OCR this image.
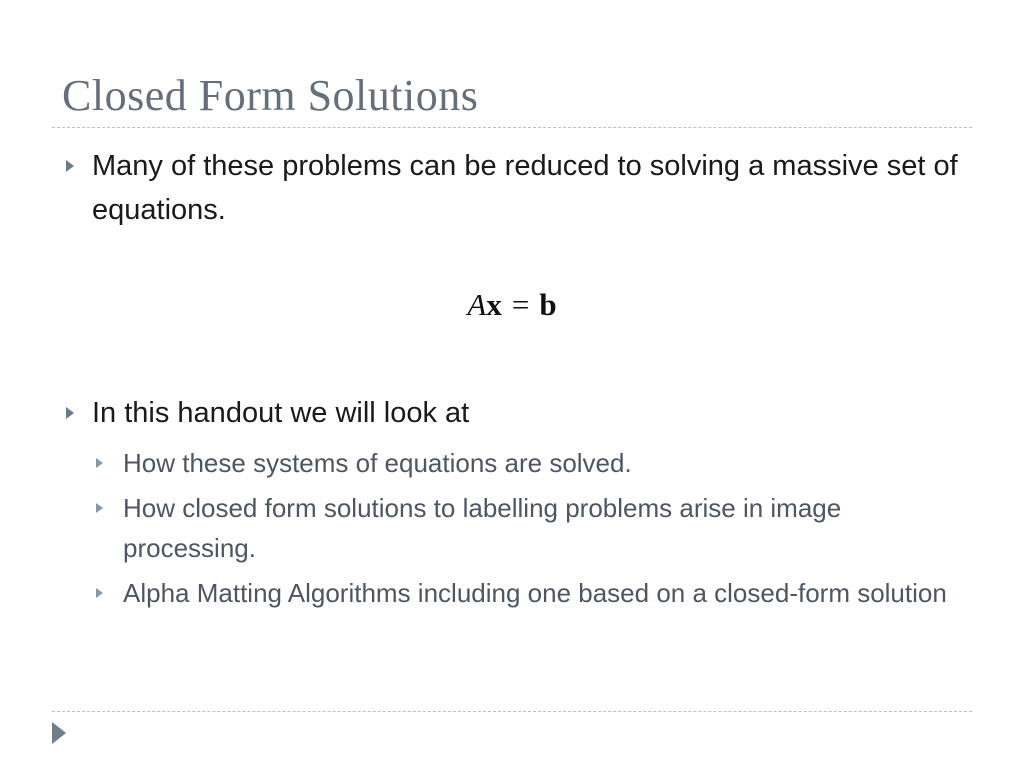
Closed Form Solutions
Many of these problems can be reduced to solving a massive set of equations.
Ax = b
In this handout we will look at
How these systems of equations are solved.
How closed form solutions to labelling problems arise in image processing.
Alpha Matting Algorithms including one based on a closed-form solution
